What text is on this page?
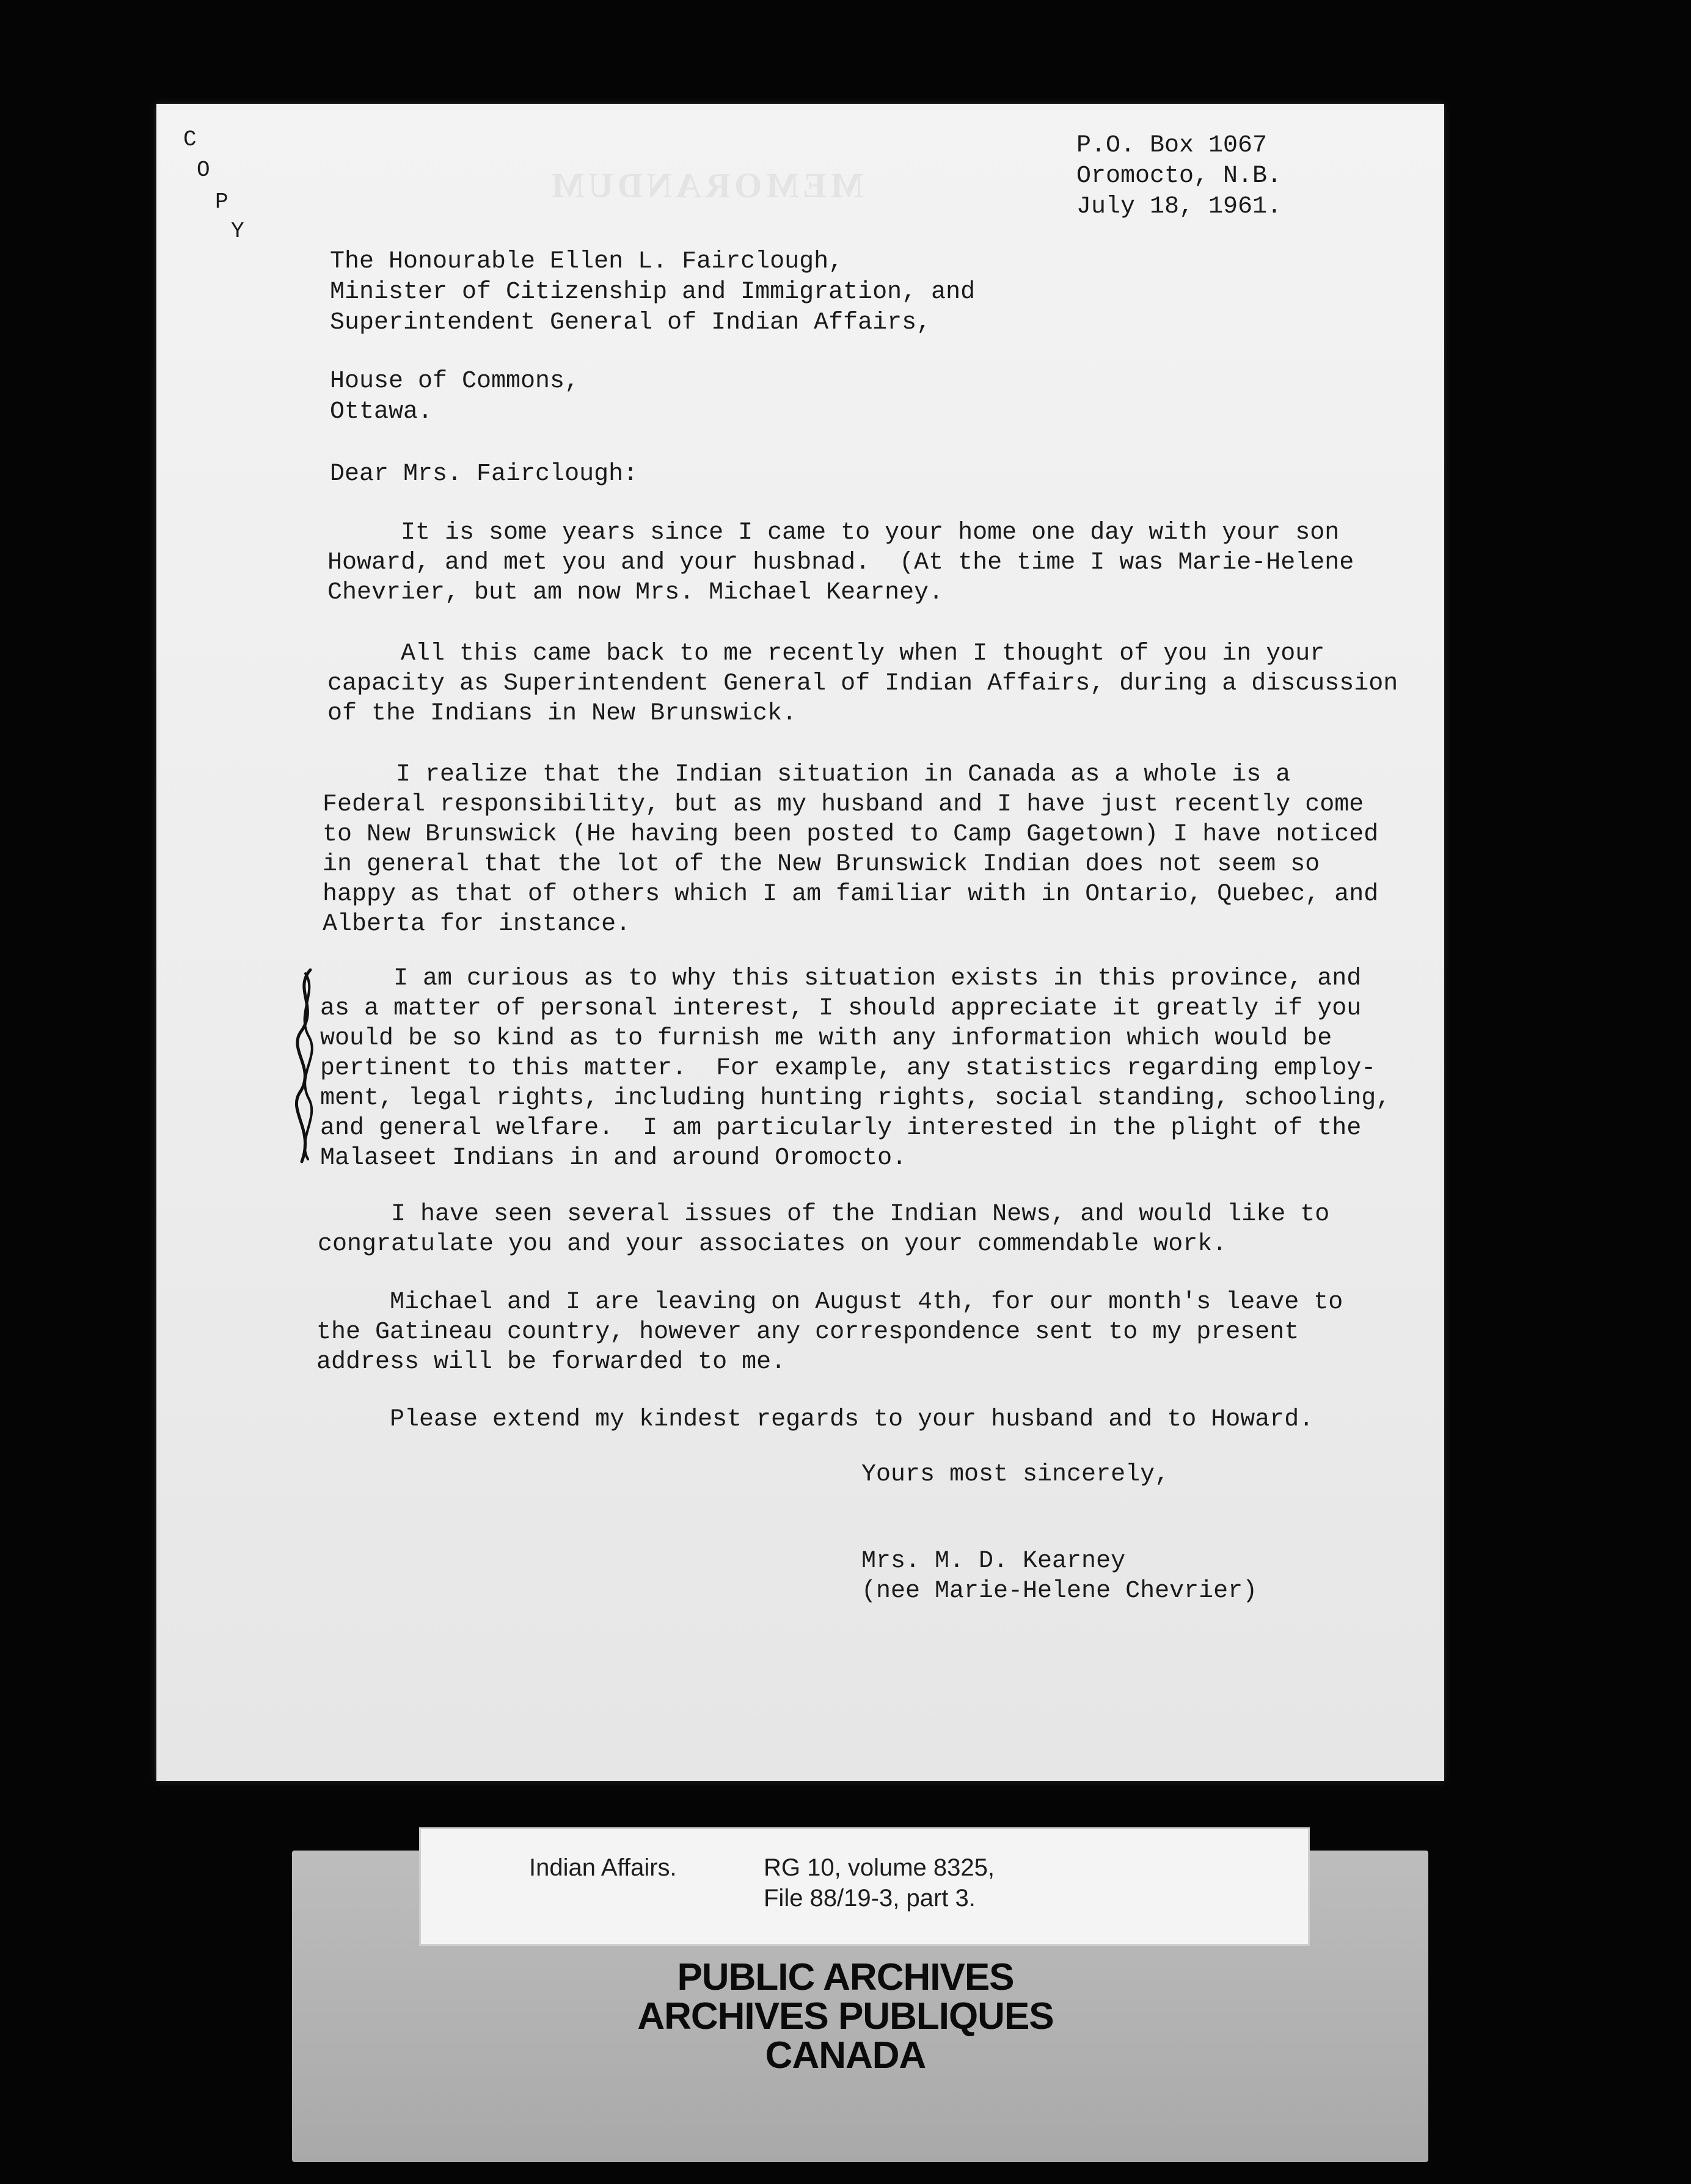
MEMORANDUM
C
O
P
Y
P.O. Box 1067
Oromocto, N.B.
July 18, 1961.
The Honourable Ellen L. Fairclough,
Minister of Citizenship and Immigration, and
Superintendent General of Indian Affairs,
House of Commons,
Ottawa.
Dear Mrs. Fairclough:
It is some years since I came to your home one day with your son
Howard, and met you and your husbnad.  (At the time I was Marie-Helene
Chevrier, but am now Mrs. Michael Kearney.
All this came back to me recently when I thought of you in your
capacity as Superintendent General of Indian Affairs, during a discussion
of the Indians in New Brunswick.
I realize that the Indian situation in Canada as a whole is a
Federal responsibility, but as my husband and I have just recently come
to New Brunswick (He having been posted to Camp Gagetown) I have noticed
in general that the lot of the New Brunswick Indian does not seem so
happy as that of others which I am familiar with in Ontario, Quebec, and
Alberta for instance.
I am curious as to why this situation exists in this province, and
as a matter of personal interest, I should appreciate it greatly if you
would be so kind as to furnish me with any information which would be
pertinent to this matter.  For example, any statistics regarding employ-
ment, legal rights, including hunting rights, social standing, schooling,
and general welfare.  I am particularly interested in the plight of the
Malaseet Indians in and around Oromocto.
I have seen several issues of the Indian News, and would like to
congratulate you and your associates on your commendable work.
Michael and I are leaving on August 4th, for our month's leave to
the Gatineau country, however any correspondence sent to my present
address will be forwarded to me.
Please extend my kindest regards to your husband and to Howard.
Yours most sincerely,
Mrs. M. D. Kearney
(nee Marie-Helene Chevrier)
Indian Affairs.	RG 10, volume 8325,
File 88/19-3, part 3.
PUBLIC ARCHIVES
ARCHIVES PUBLIQUES
CANADA
